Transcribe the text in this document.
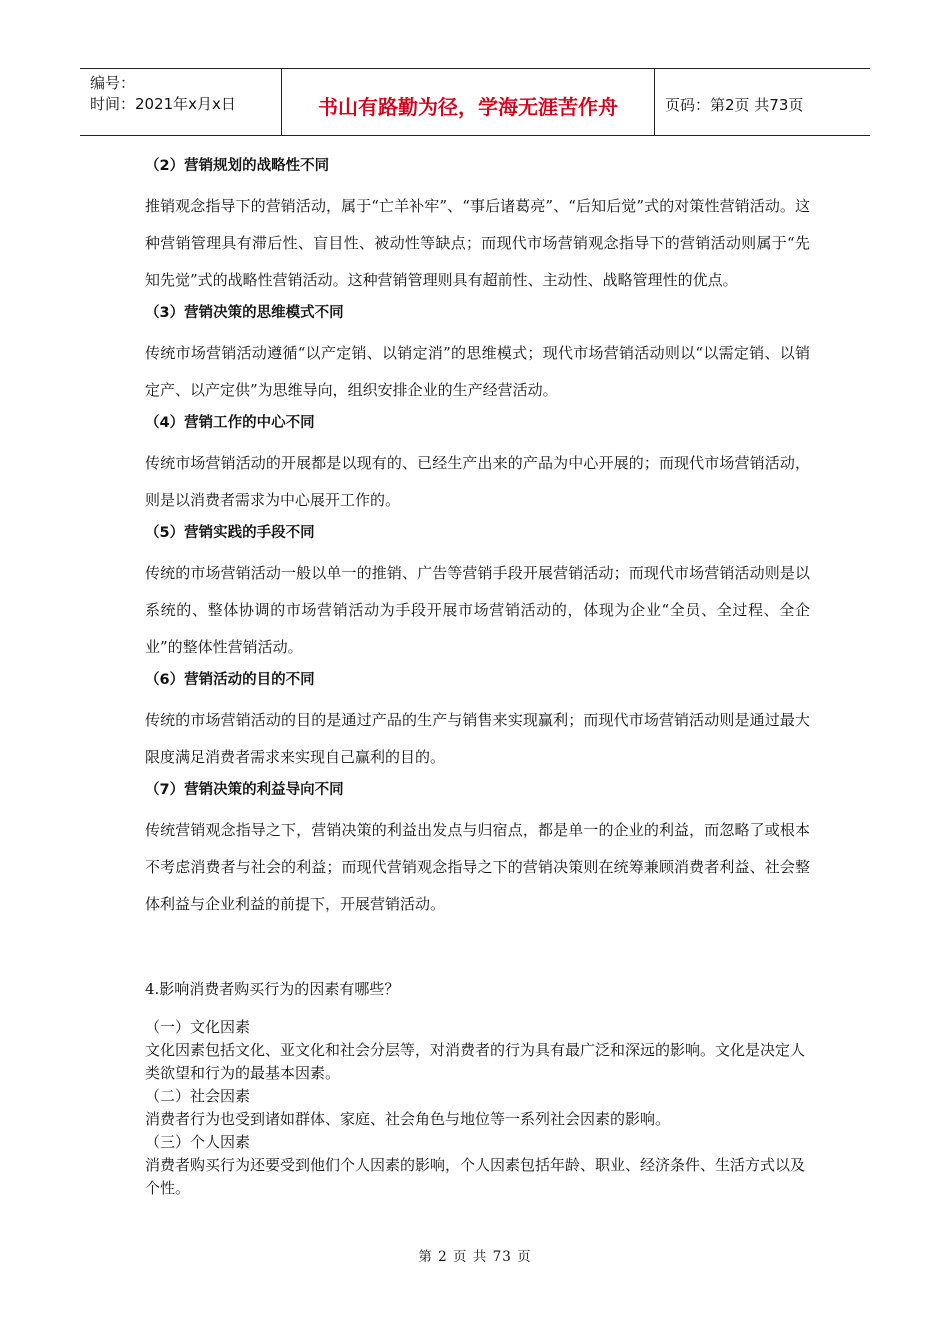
编号：
时间：2021年x月x日	书山有路勤为径，学海无涯苦作舟	页码：第2页 共73页
（2）营销规划的战略性不同
推销观念指导下的营销活动，属于“亡羊补牢”、“事后诸葛亮”、“后知后觉”式的对策性营销活动。这种营销管理具有滞后性、盲目性、被动性等缺点；而现代市场营销观念指导下的营销活动则属于“先知先觉”式的战略性营销活动。这种营销管理则具有超前性、主动性、战略管理性的优点。
（3）营销决策的思维模式不同
传统市场营销活动遵循“以产定销、以销定消”的思维模式；现代市场营销活动则以“以需定销、以销定产、以产定供”为思维导向，组织安排企业的生产经营活动。
（4）营销工作的中心不同
传统市场营销活动的开展都是以现有的、已经生产出来的产品为中心开展的；而现代市场营销活动，则是以消费者需求为中心展开工作的。
（5）营销实践的手段不同
传统的市场营销活动一般以单一的推销、广告等营销手段开展营销活动；而现代市场营销活动则是以系统的、整体协调的市场营销活动为手段开展市场营销活动的，体现为企业“全员、全过程、全企业”的整体性营销活动。
（6）营销活动的目的不同
传统的市场营销活动的目的是通过产品的生产与销售来实现赢利；而现代市场营销活动则是通过最大限度满足消费者需求来实现自己赢利的目的。
（7）营销决策的利益导向不同
传统营销观念指导之下，营销决策的利益出发点与归宿点，都是单一的企业的利益，而忽略了或根本不考虑消费者与社会的利益；而现代营销观念指导之下的营销决策则在统筹兼顾消费者利益、社会整体利益与企业利益的前提下，开展营销活动。
4.影响消费者购买行为的因素有哪些？
（一）文化因素
文化因素包括文化、亚文化和社会分层等，对消费者的行为具有最广泛和深远的影响。文化是决定人类欲望和行为的最基本因素。
（二）社会因素
消费者行为也受到诸如群体、家庭、社会角色与地位等一系列社会因素的影响。
（三）个人因素
消费者购买行为还要受到他们个人因素的影响，个人因素包括年龄、职业、经济条件、生活方式以及个性。
第 2 页 共 73 页
